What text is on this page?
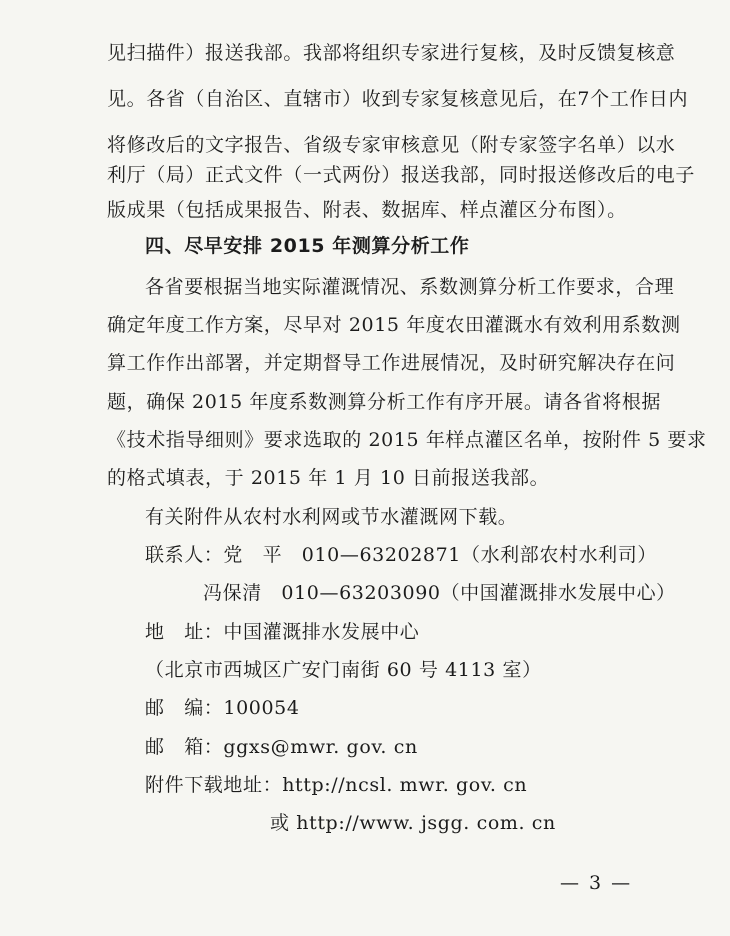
见扫描件）报送我部。我部将组织专家进行复核，及时反馈复核意
见。各省（自治区、直辖市）收到专家复核意见后，在7个工作日内
将修改后的文字报告、省级专家审核意见（附专家签字名单）以水
利厅（局）正式文件（一式两份）报送我部，同时报送修改后的电子
版成果（包括成果报告、附表、数据库、样点灌区分布图）。
四、尽早安排 2015 年测算分析工作
各省要根据当地实际灌溉情况、系数测算分析工作要求，合理
确定年度工作方案，尽早对 2015 年度农田灌溉水有效利用系数测
算工作作出部署，并定期督导工作进展情况，及时研究解决存在问
题，确保 2015 年度系数测算分析工作有序开展。请各省将根据
《技术指导细则》要求选取的 2015 年样点灌区名单，按附件 5 要求
的格式填表，于 2015 年 1 月 10 日前报送我部。
有关附件从农村水利网或节水灌溉网下载。
联系人：党　平　010—63202871（水利部农村水利司）
冯保清　010—63203090（中国灌溉排水发展中心）
地　址：中国灌溉排水发展中心
（北京市西城区广安门南街 60 号 4113 室）
邮　编：100054
邮　箱：ggxs@mwr. gov. cn
附件下载地址：http://ncsl. mwr. gov. cn
或 http://www. jsgg. com. cn
— 3 —
